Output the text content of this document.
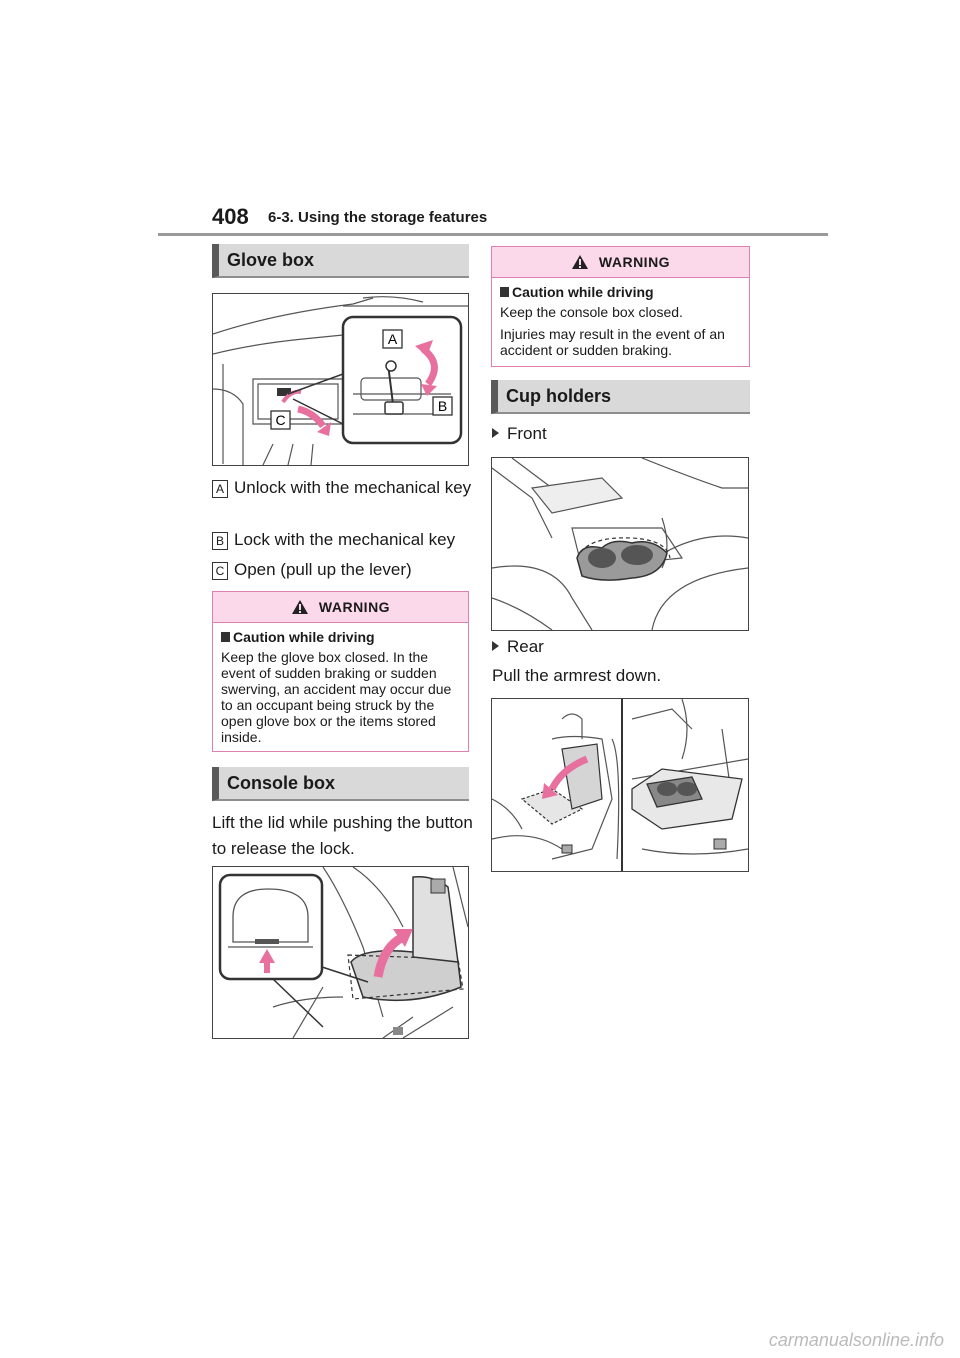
408 6-3. Using the storage features
Glove box
A
B
C
A Unlock with the mechanical key
B Lock with the mechanical key
C Open (pull up the lever)
WARNING
Caution while driving
Keep the glove box closed. In the event of sudden braking or sudden swerving, an accident may occur due to an occupant being struck by the open glove box or the items stored inside.
Console box
Lift the lid while pushing the button to release the lock.
WARNING
Caution while driving
Keep the console box closed.
Injuries may result in the event of an accident or sudden braking.
Cup holders
Front
Rear
Pull the armrest down.
carmanualsonline.info
